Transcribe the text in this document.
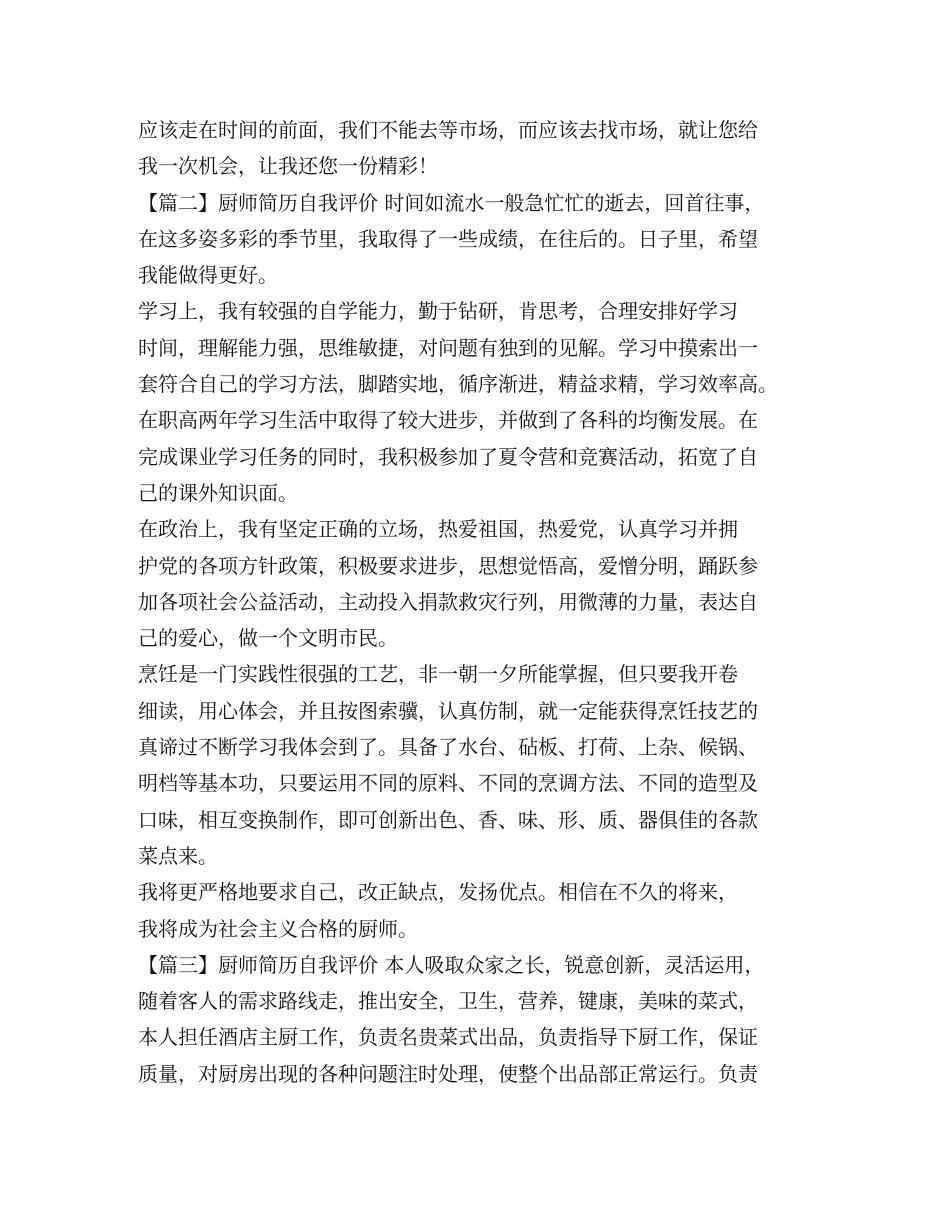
应该走在时间的前面，我们不能去等市场，而应该去找市场，就让您给
我一次机会，让我还您一份精彩！
【篇二】厨师简历自我评价 时间如流水一般急忙忙的逝去，回首往事，
在这多姿多彩的季节里，我取得了一些成绩，在往后的。日子里，希望
我能做得更好。
学习上，我有较强的自学能力，勤于钻研，肯思考，合理安排好学习
时间，理解能力强，思维敏捷，对问题有独到的见解。学习中摸索出一
套符合自己的学习方法，脚踏实地，循序渐进，精益求精，学习效率高。
在职高两年学习生活中取得了较大进步，并做到了各科的均衡发展。在
完成课业学习任务的同时，我积极参加了夏令营和竞赛活动，拓宽了自
己的课外知识面。
在政治上，我有坚定正确的立场，热爱祖国，热爱党，认真学习并拥
护党的各项方针政策，积极要求进步，思想觉悟高，爱憎分明，踊跃参
加各项社会公益活动，主动投入捐款救灾行列，用微薄的力量，表达自
己的爱心，做一个文明市民。
烹饪是一门实践性很强的工艺，非一朝一夕所能掌握，但只要我开卷
细读，用心体会，并且按图索骥，认真仿制，就一定能获得烹饪技艺的
真谛过不断学习我体会到了。具备了水台、砧板、打荷、上杂、候锅、
明档等基本功，只要运用不同的原料、不同的烹调方法、不同的造型及
口味，相互变换制作，即可创新出色、香、味、形、质、器俱佳的各款
菜点来。
我将更严格地要求自己，改正缺点，发扬优点。相信在不久的将来，
我将成为社会主义合格的厨师。
【篇三】厨师简历自我评价 本人吸取众家之长，锐意创新，灵活运用，
随着客人的需求路线走，推出安全，卫生，营养，键康，美味的菜式，
本人担任酒店主厨工作，负责名贵菜式出品，负责指导下厨工作，保证
质量，对厨房出现的各种问题注时处理，使整个出品部正常运行。负责
